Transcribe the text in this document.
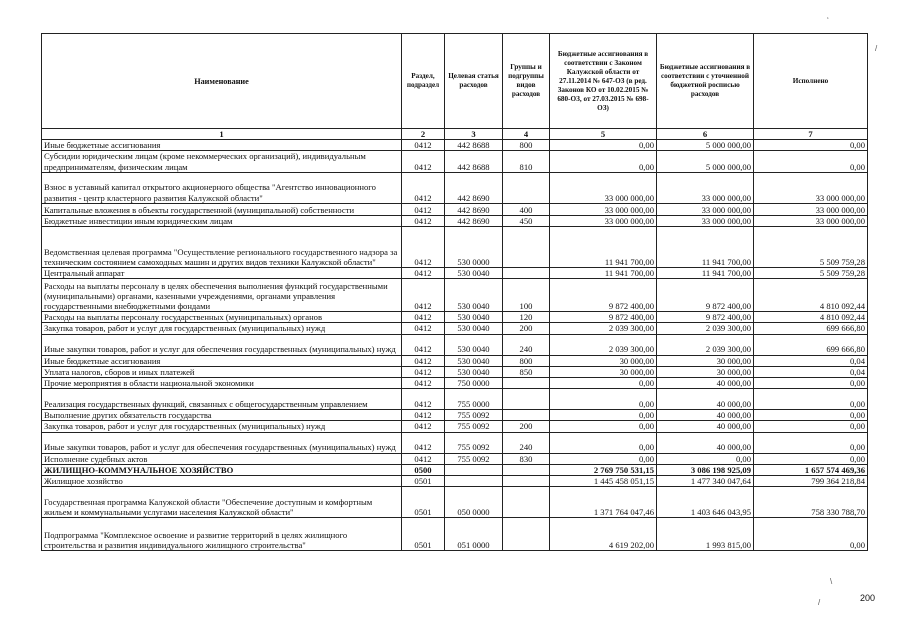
Наименование	Раздел, подраздел	Целевая статья расходов	Группы и подгруппы видов расходов	Бюджетные ассигнования в соответствии с Законом Калужской области от 27.11.2014 № 647-ОЗ (в ред. Законов КО от 10.02.2015 № 680-ОЗ, от 27.03.2015 № 698-ОЗ)	Бюджетные ассигнования в соответствии с уточненной бюджетной росписью расходов	Исполнено
1	2	3	4	5	6	7
Иные бюджетные ассигнования	0412	442 8688	800	0,00	5 000 000,00	0,00
Субсидии юридическим лицам (кроме некоммерческих организаций), индивидуальным предпринимателям, физическим лицам	0412	442 8688	810	0,00	5 000 000,00	0,00
Взнос в уставный капитал открытого акционерного общества "Агентство инновационного развития - центр кластерного развития Калужской области"	0412	442 8690		33 000 000,00	33 000 000,00	33 000 000,00
Капитальные вложения в объекты государственной (муниципальной) собственности	0412	442 8690	400	33 000 000,00	33 000 000,00	33 000 000,00
Бюджетные инвестиции иным юридическим лицам	0412	442 8690	450	33 000 000,00	33 000 000,00	33 000 000,00
Ведомственная целевая программа "Осуществление регионального государственного надзора за техническим состоянием самоходных машин и других видов техники Калужской области"	0412	530 0000		11 941 700,00	11 941 700,00	5 509 759,28
Центральный аппарат	0412	530 0040		11 941 700,00	11 941 700,00	5 509 759,28
Расходы на выплаты персоналу в целях обеспечения выполнения функций государственными (муниципальными) органами, казенными учреждениями, органами управления государственными внебюджетными фондами	0412	530 0040	100	9 872 400,00	9 872 400,00	4 810 092,44
Расходы на выплаты персоналу государственных (муниципальных) органов	0412	530 0040	120	9 872 400,00	9 872 400,00	4 810 092,44
Закупка товаров, работ и услуг для государственных (муниципальных) нужд	0412	530 0040	200	2 039 300,00	2 039 300,00	699 666,80
Иные закупки товаров, работ и услуг для обеспечения государственных (муниципальных) нужд	0412	530 0040	240	2 039 300,00	2 039 300,00	699 666,80
Иные бюджетные ассигнования	0412	530 0040	800	30 000,00	30 000,00	0,04
Уплата налогов, сборов и иных платежей	0412	530 0040	850	30 000,00	30 000,00	0,04
Прочие мероприятия в области национальной экономики	0412	750 0000		0,00	40 000,00	0,00
Реализация государственных функций, связанных с общегосударственным управлением	0412	755 0000		0,00	40 000,00	0,00
Выполнение других обязательств государства	0412	755 0092		0,00	40 000,00	0,00
Закупка товаров, работ и услуг для государственных (муниципальных) нужд	0412	755 0092	200	0,00	40 000,00	0,00
Иные закупки товаров, работ и услуг для обеспечения государственных (муниципальных) нужд	0412	755 0092	240	0,00	40 000,00	0,00
Исполнение судебных актов	0412	755 0092	830	0,00	0,00	0,00
ЖИЛИЩНО-КОММУНАЛЬНОЕ ХОЗЯЙСТВО	0500			2 769 750 531,15	3 086 198 925,09	1 657 574 469,36
Жилищное хозяйство	0501			1 445 458 051,15	1 477 340 047,64	799 364 218,84
Государственная программа Калужской области "Обеспечение доступным и комфортным жильем и коммунальными услугами населения Калужской области"	0501	050 0000		1 371 764 047,46	1 403 646 043,95	758 330 788,70
Подпрограмма "Комплексное освоение и развитие территорий в целях жилищного строительства и развития индивидуального жилищного строительства"	0501	051 0000		4 619 202,00	1 993 815,00	0,00
‘
/
\
/	200
